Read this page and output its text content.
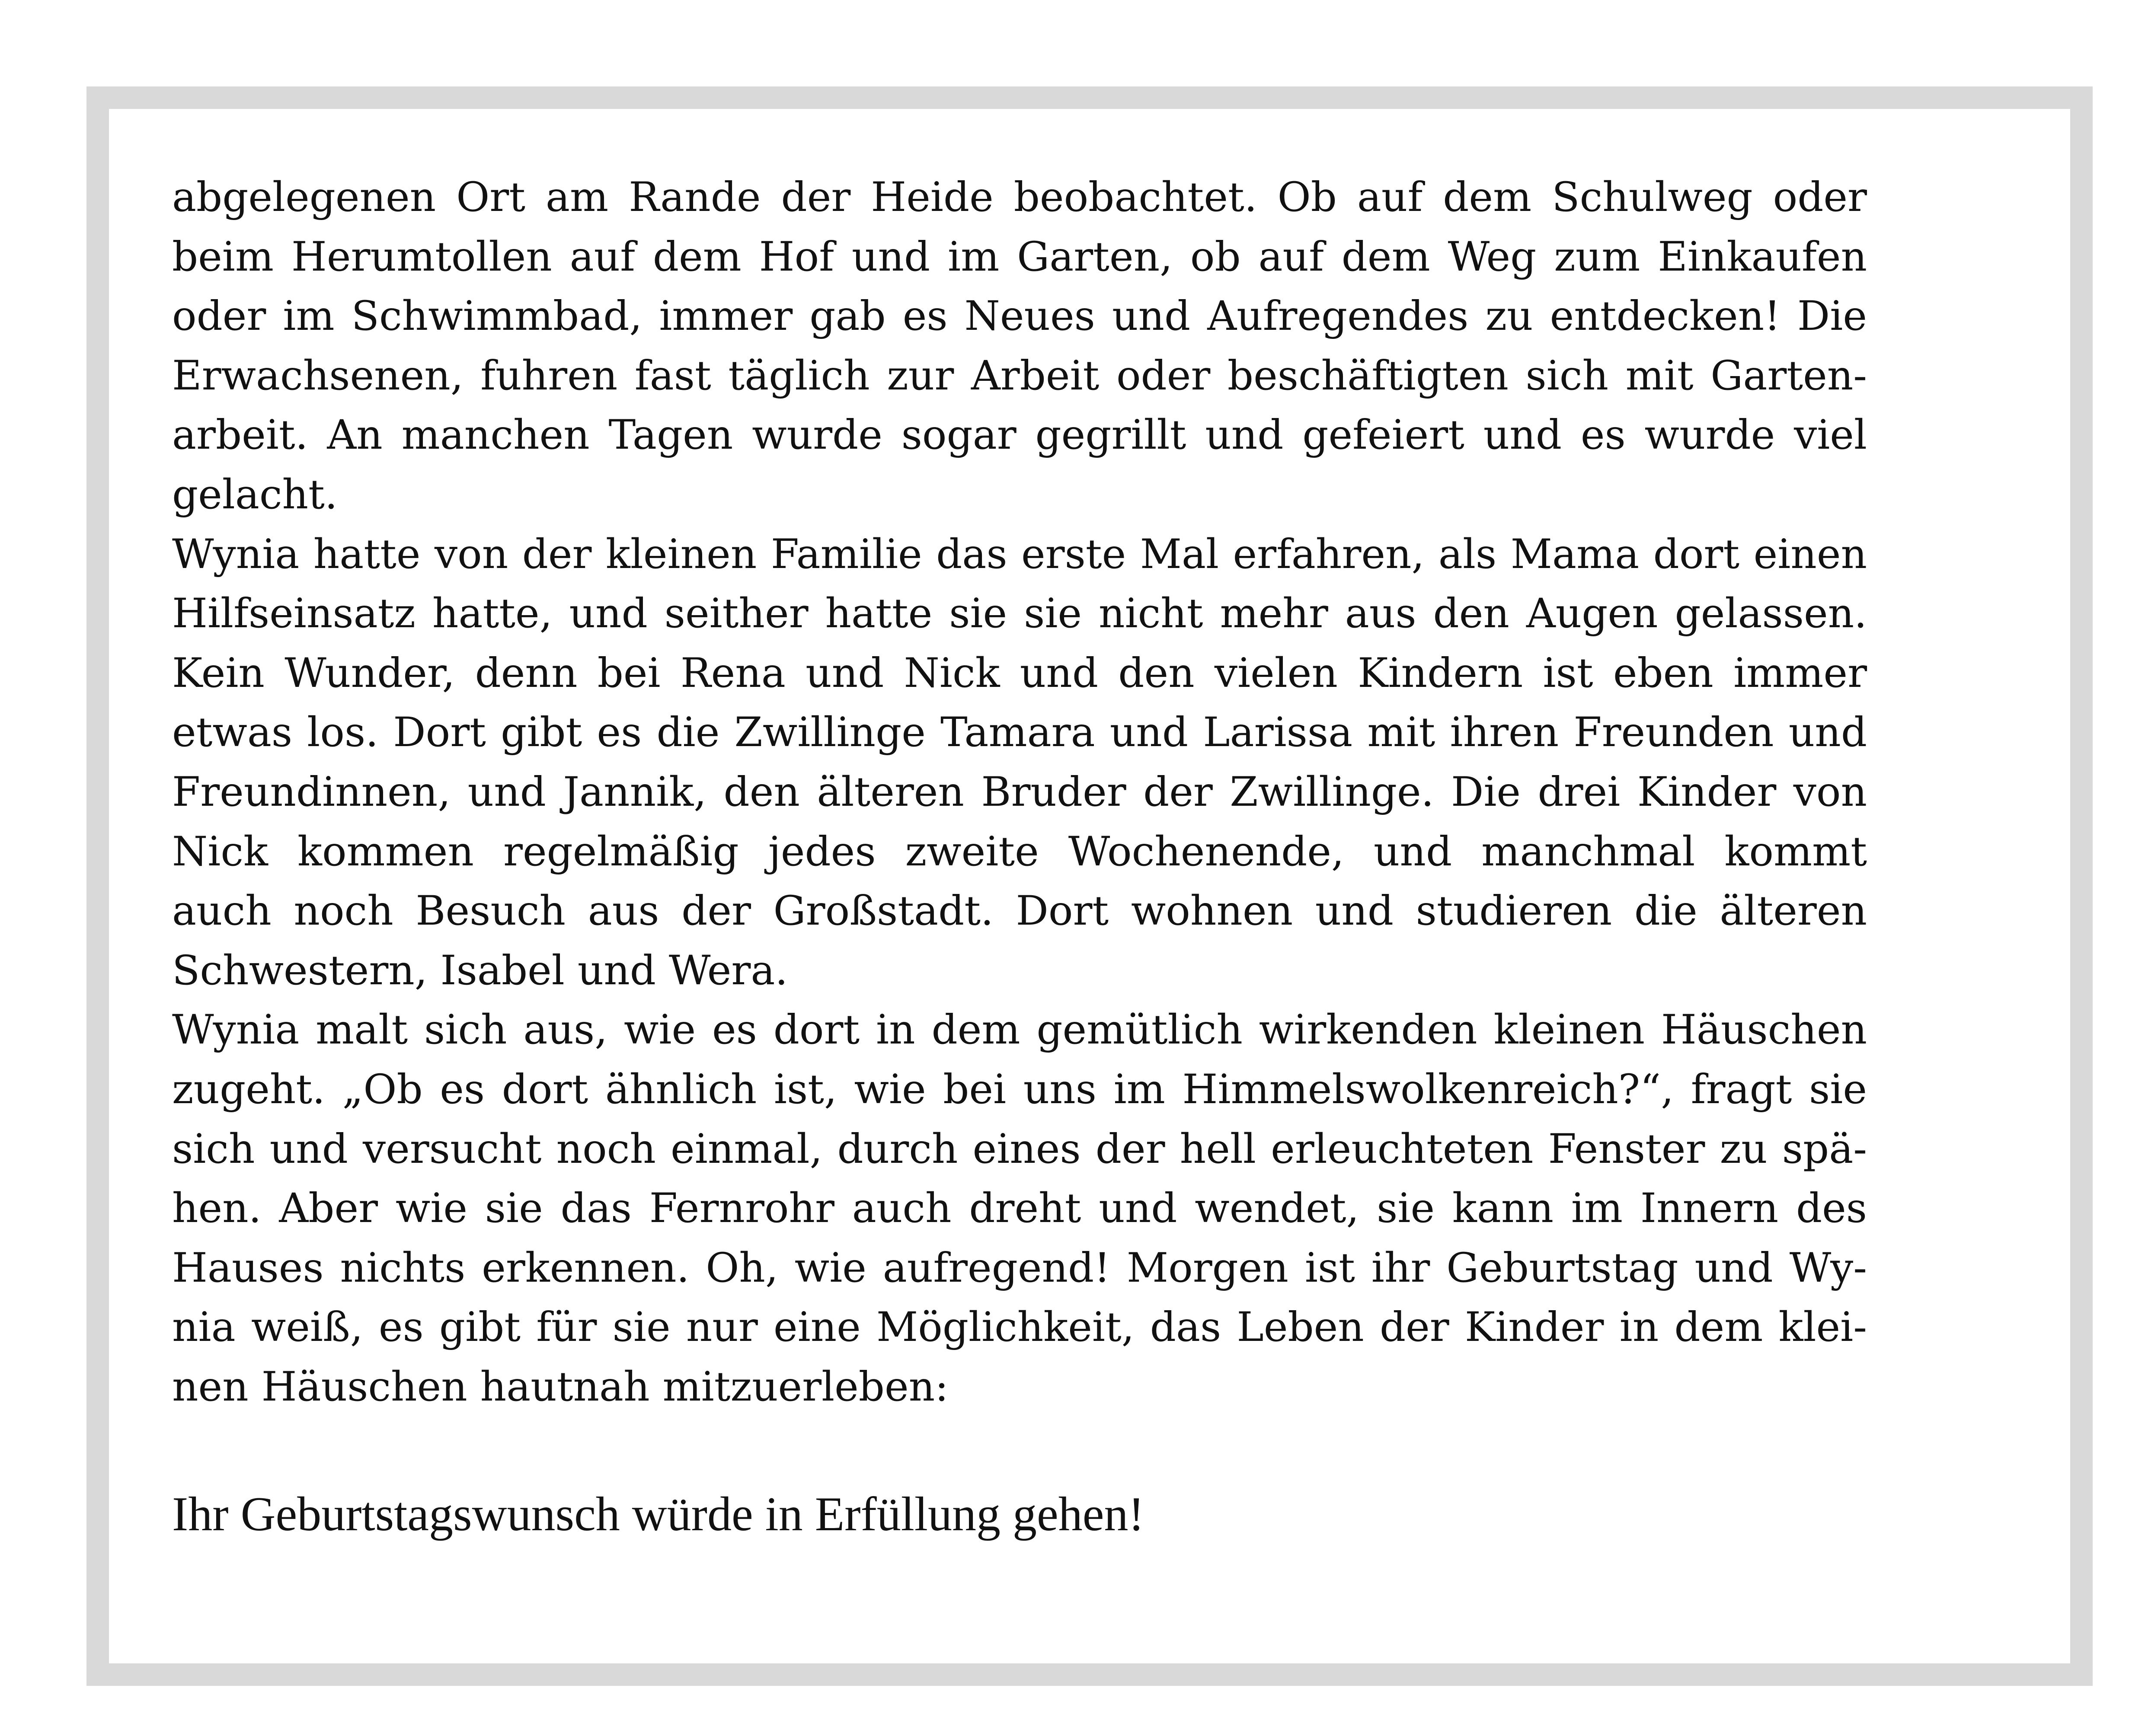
abgelegenen Ort am Rande der Heide beobachtet. Ob auf dem Schulweg oder
beim Herumtollen auf dem Hof und im Garten, ob auf dem Weg zum Einkaufen
oder im Schwimmbad, immer gab es Neues und Aufregendes zu entdecken! Die
Erwachsenen, fuhren fast täglich zur Arbeit oder beschäftigten sich mit Garten-
arbeit. An manchen Tagen wurde sogar gegrillt und gefeiert und es wurde viel
gelacht.
Wynia hatte von der kleinen Familie das erste Mal erfahren, als Mama dort einen
Hilfseinsatz hatte, und seither hatte sie sie nicht mehr aus den Augen gelassen.
Kein Wunder, denn bei Rena und Nick und den vielen Kindern ist eben immer
etwas los. Dort gibt es die Zwillinge Tamara und Larissa mit ihren Freunden und
Freundinnen, und Jannik, den älteren Bruder der Zwillinge. Die drei Kinder von
Nick kommen regelmäßig jedes zweite Wochenende, und manchmal kommt
auch noch Besuch aus der Großstadt. Dort wohnen und studieren die älteren
Schwestern, Isabel und Wera.
Wynia malt sich aus, wie es dort in dem gemütlich wirkenden kleinen Häuschen
zugeht. „Ob es dort ähnlich ist, wie bei uns im Himmelswolkenreich?“, fragt sie
sich und versucht noch einmal, durch eines der hell erleuchteten Fenster zu spä-
hen. Aber wie sie das Fernrohr auch dreht und wendet, sie kann im Innern des
Hauses nichts erkennen. Oh, wie aufregend! Morgen ist ihr Geburtstag und Wy-
nia weiß, es gibt für sie nur eine Möglichkeit, das Leben der Kinder in dem klei-
nen Häuschen hautnah mitzuerleben:
Ihr Geburtstagswunsch würde in Erfüllung gehen!
